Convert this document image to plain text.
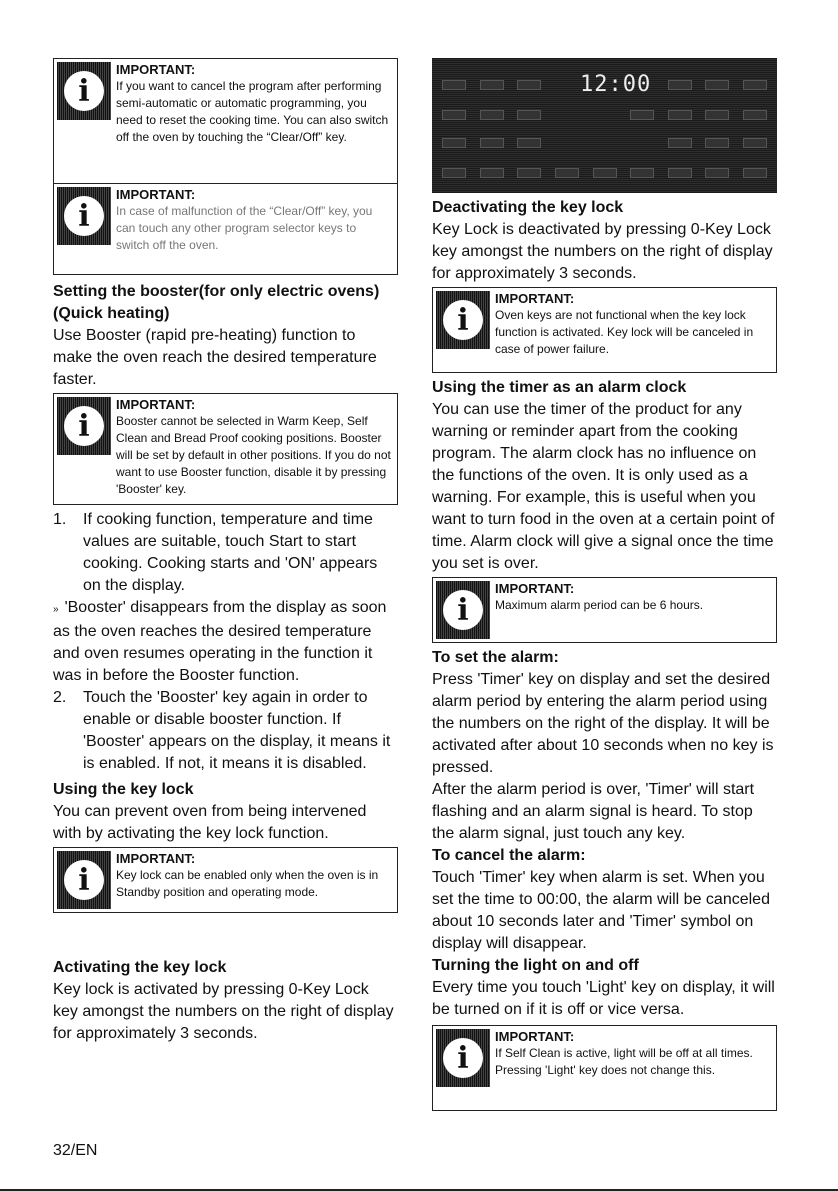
i
IMPORTANT:
If you want to cancel the program after performing semi-automatic or automatic programming, you need to reset the cooking time. You can also switch off the oven by touching the “Clear/Off” key.
i
IMPORTANT:
In case of malfunction of the “Clear/Off” key, you can touch any other program selector keys to switch off the oven.
Setting the booster(for only electric ovens) (Quick heating)

Use Booster (rapid pre-heating) function to make the oven reach the desired temperature faster.

i
IMPORTANT:
Booster cannot be selected in Warm Keep, Self Clean and Bread Proof cooking positions. Booster will be set by default in other positions. If you do not want to use Booster function, disable it by pressing 'Booster' key.
1.	If cooking function, temperature and time values are suitable, touch Start to start cooking. Cooking starts and 'ON' appears on the display.
» 'Booster' disappears from the display as soon as the oven reaches the desired temperature and oven resumes operating in the function it was in before the Booster function.
2.	Touch the 'Booster' key again in order to enable or disable booster function. If 'Booster' appears on the display, it means it is enabled. If not, it means it is disabled.
Using the key lock

You can prevent oven from being intervened with by activating the key lock function.

i
IMPORTANT:
Key lock can be enabled only when the oven is in Standby position and operating mode.
Activating the key lock

Key lock is activated by pressing 0-Key Lock key amongst the numbers on the right of display for approximately 3 seconds.

12:00
Deactivating the key lock

Key Lock is deactivated by pressing 0-Key Lock key amongst the numbers on the right of display for approximately 3 seconds.

i
IMPORTANT:
Oven keys are not functional when the key lock function is activated. Key lock will be canceled in case of power failure.
Using the timer as an alarm clock

You can use the timer of the product for any warning or reminder apart from the cooking program. The alarm clock has no influence on the functions of the oven. It is only used as a warning. For example, this is useful when you want to turn food in the oven at a certain point of time. Alarm clock will give a signal once the time you set is over.

i
IMPORTANT:
Maximum alarm period can be 6 hours.
To set the alarm:

Press 'Timer' key on display and set the desired alarm period by entering the alarm period using the numbers on the right of the display. It will be activated after about 10 seconds when no key is pressed.

After the alarm period is over, 'Timer' will start flashing and an alarm signal is heard. To stop the alarm signal, just touch any key.

To cancel the alarm:

Touch 'Timer' key when alarm is set. When you set the time to 00:00, the alarm will be canceled about 10 seconds later and 'Timer' symbol on display will disappear.

Turning the light on and off

Every time you touch 'Light' key on display, it will be turned on if it is off or vice versa.

i
IMPORTANT:
If Self Clean is active, light will be off at all times. Pressing 'Light' key does not change this.
32/EN
